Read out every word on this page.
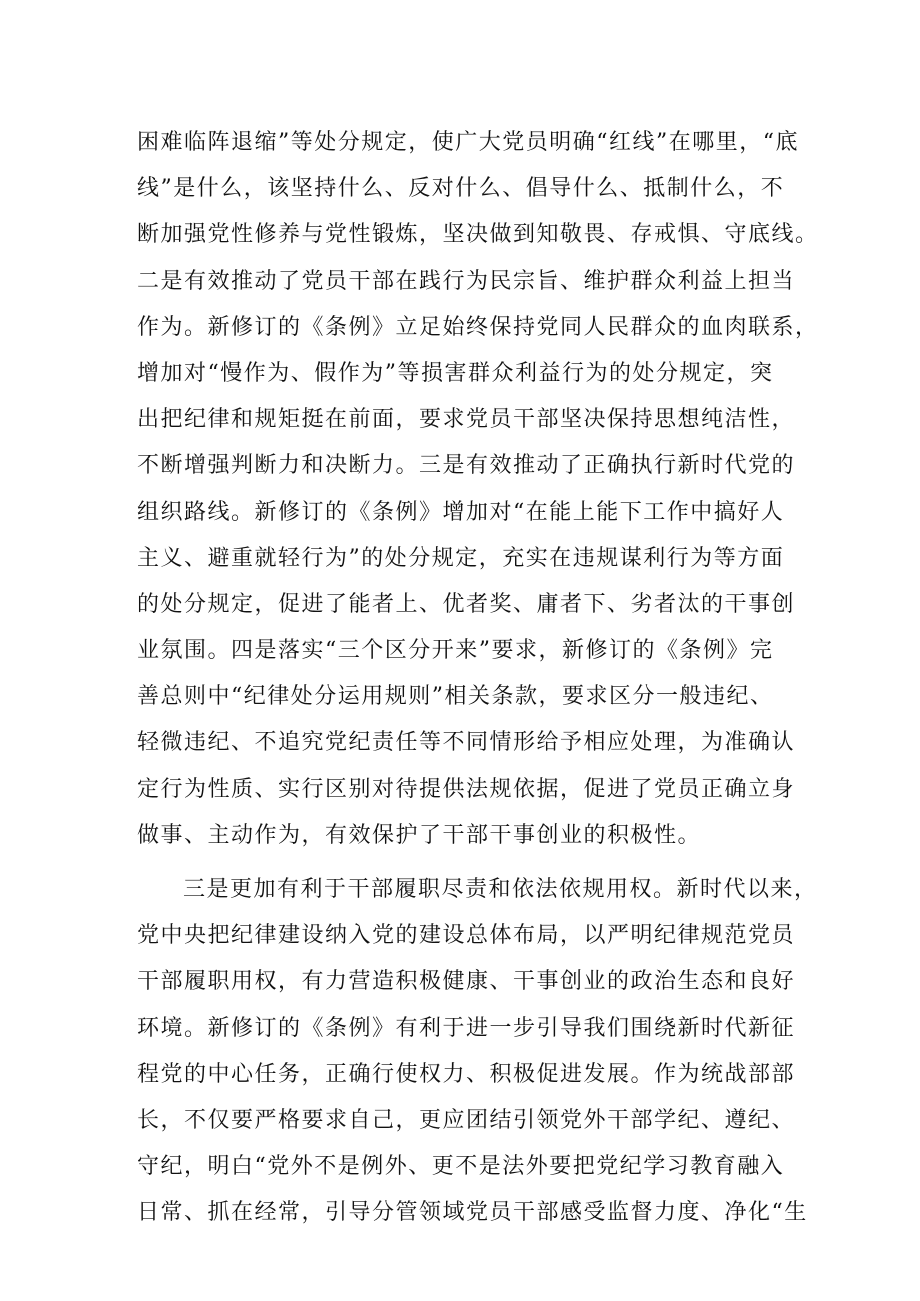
困难临阵退缩”等处分规定，使广大党员明确“红线”在哪里，“底
线”是什么，该坚持什么、反对什么、倡导什么、抵制什么，不
断加强党性修养与党性锻炼，坚决做到知敬畏、存戒惧、守底线。
二是有效推动了党员干部在践行为民宗旨、维护群众利益上担当
作为。新修订的《条例》立足始终保持党同人民群众的血肉联系，
增加对“慢作为、假作为”等损害群众利益行为的处分规定，突
出把纪律和规矩挺在前面，要求党员干部坚决保持思想纯洁性，
不断增强判断力和决断力。三是有效推动了正确执行新时代党的
组织路线。新修订的《条例》增加对“在能上能下工作中搞好人
主义、避重就轻行为”的处分规定，充实在违规谋利行为等方面
的处分规定，促进了能者上、优者奖、庸者下、劣者汰的干事创
业氛围。四是落实“三个区分开来”要求，新修订的《条例》完
善总则中“纪律处分运用规则”相关条款，要求区分一般违纪、
轻微违纪、不追究党纪责任等不同情形给予相应处理，为准确认
定行为性质、实行区别对待提供法规依据，促进了党员正确立身
做事、主动作为，有效保护了干部干事创业的积极性。
三是更加有利于干部履职尽责和依法依规用权。新时代以来，
党中央把纪律建设纳入党的建设总体布局，以严明纪律规范党员
干部履职用权，有力营造积极健康、干事创业的政治生态和良好
环境。新修订的《条例》有利于进一步引导我们围绕新时代新征
程党的中心任务，正确行使权力、积极促进发展。作为统战部部
长，不仅要严格要求自己，更应团结引领党外干部学纪、遵纪、
守纪，明白“党外不是例外、更不是法外要把党纪学习教育融入
日常、抓在经常，引导分管领域党员干部感受监督力度、净化“生
